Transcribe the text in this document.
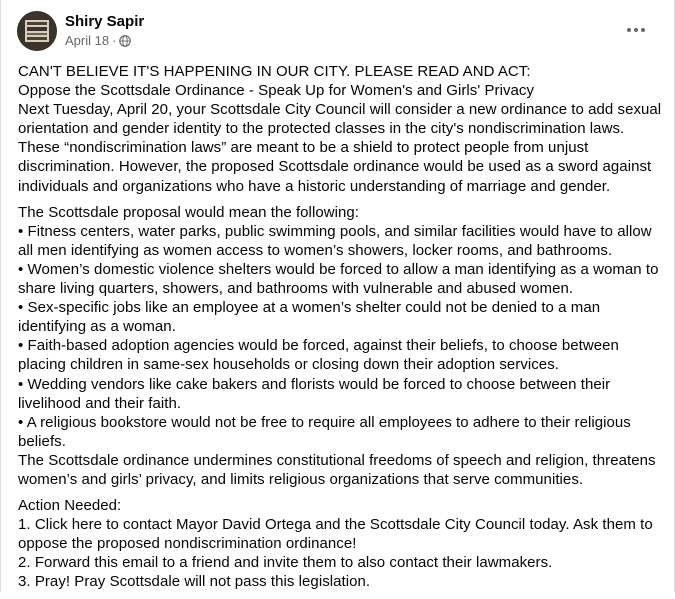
Shiry Sapir
April 18 ·

CAN'T BELIEVE IT'S HAPPENING IN OUR CITY. PLEASE READ AND ACT:

Oppose the Scottsdale Ordinance - Speak Up for Women's and Girls' Privacy

Next Tuesday, April 20, your Scottsdale City Council will consider a new ordinance to add sexual orientation and gender identity to the protected classes in the city's nondiscrimination laws. These “nondiscrimination laws” are meant to be a shield to protect people from unjust discrimination. However, the proposed Scottsdale ordinance would be used as a sword against individuals and organizations who have a historic understanding of marriage and gender.

The Scottsdale proposal would mean the following:

• Fitness centers, water parks, public swimming pools, and similar facilities would have to allow all men identifying as women access to women’s showers, locker rooms, and bathrooms.

• Women’s domestic violence shelters would be forced to allow a man identifying as a woman to share living quarters, showers, and bathrooms with vulnerable and abused women.

• Sex-specific jobs like an employee at a women’s shelter could not be denied to a man identifying as a woman.

• Faith-based adoption agencies would be forced, against their beliefs, to choose between placing children in same-sex households or closing down their adoption services.

• Wedding vendors like cake bakers and florists would be forced to choose between their livelihood and their faith.

• A religious bookstore would not be free to require all employees to adhere to their religious beliefs.

The Scottsdale ordinance undermines constitutional freedoms of speech and religion, threatens women’s and girls’ privacy, and limits religious organizations that serve communities.

Action Needed:

1. Click here to contact Mayor David Ortega and the Scottsdale City Council today. Ask them to oppose the proposed nondiscrimination ordinance!

2. Forward this email to a friend and invite them to also contact their lawmakers.

3. Pray! Pray Scottsdale will not pass this legislation.
